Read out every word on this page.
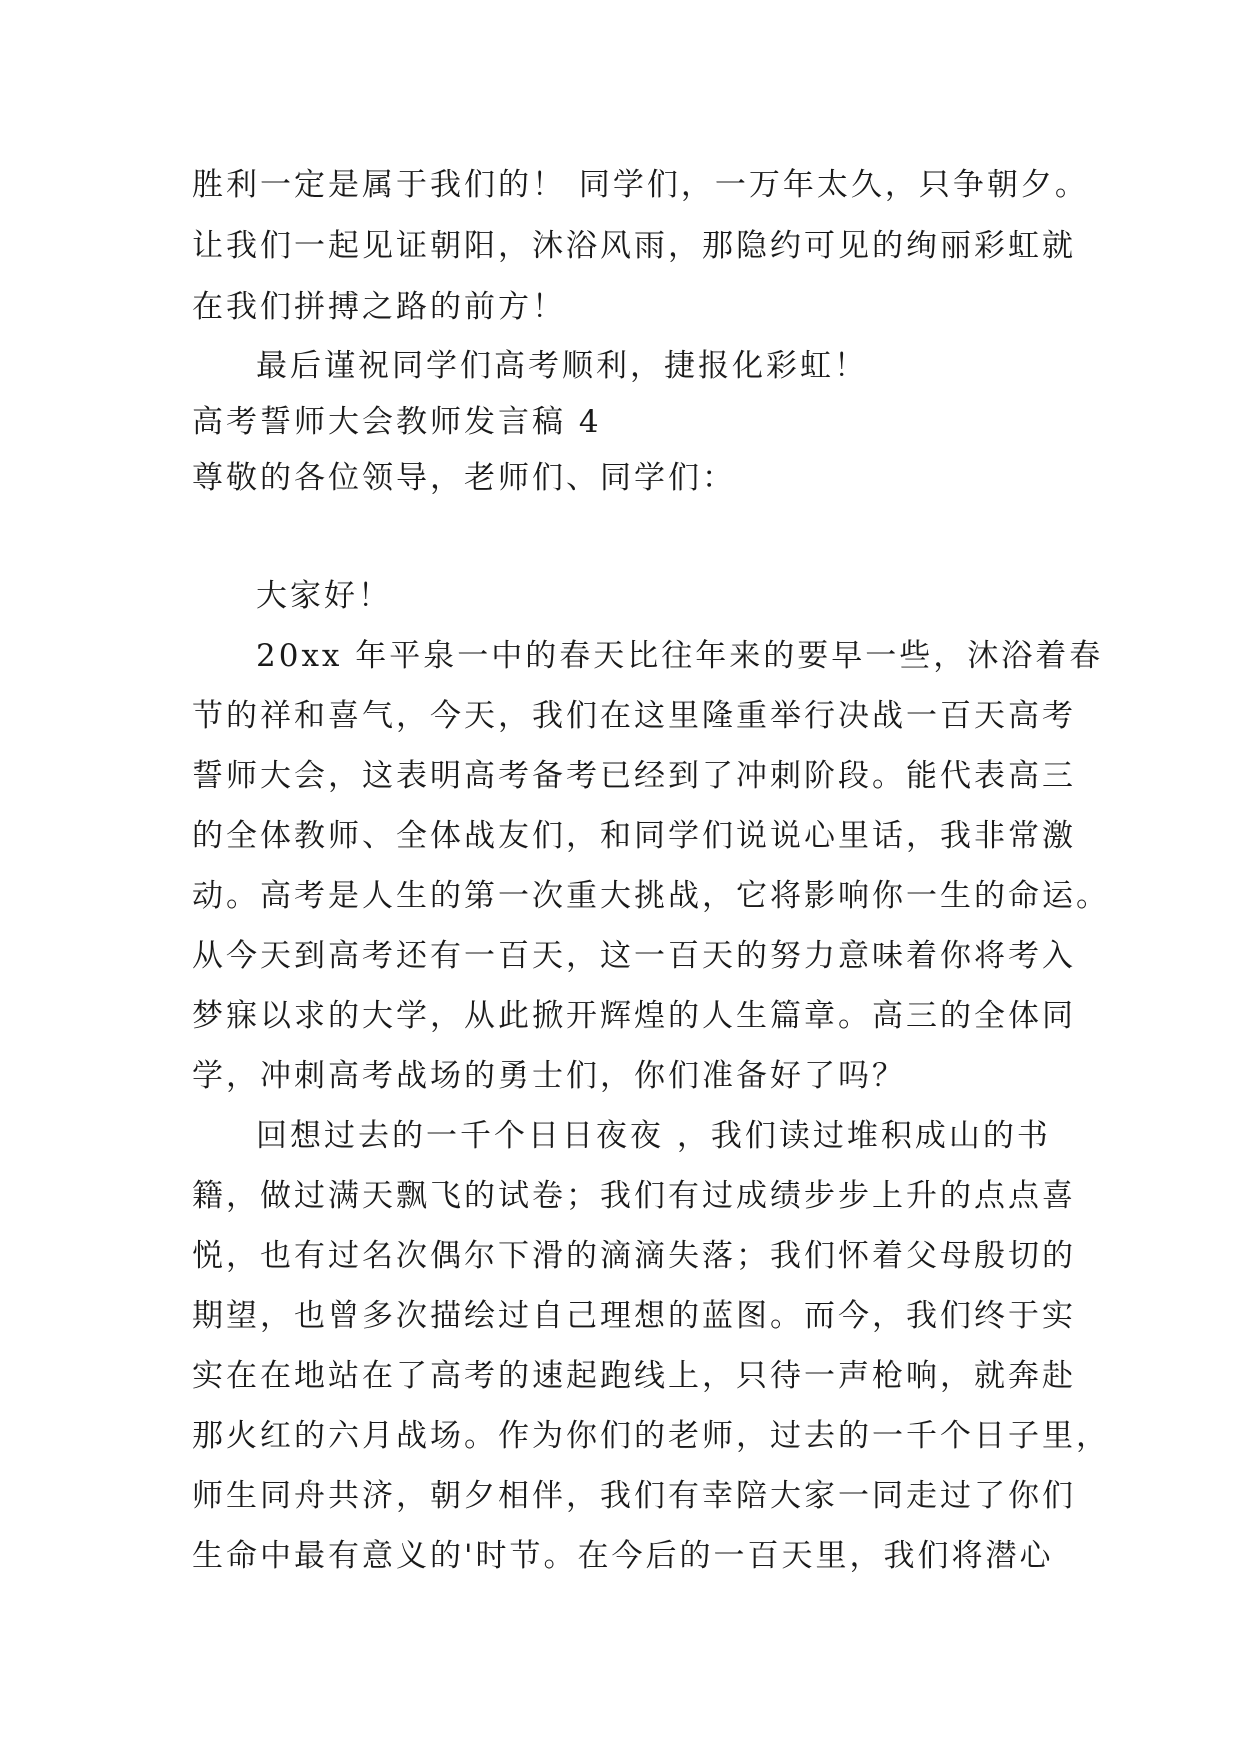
胜利一定是属于我们的！ 同学们，一万年太久，只争朝夕。
让我们一起见证朝阳，沐浴风雨，那隐约可见的绚丽彩虹就
在我们拼搏之路的前方！
最后谨祝同学们高考顺利，捷报化彩虹！
高考誓师大会教师发言稿 4
尊敬的各位领导，老师们、同学们：
大家好！
20xx 年平泉一中的春天比往年来的要早一些，沐浴着春
节的祥和喜气，今天，我们在这里隆重举行决战一百天高考
誓师大会，这表明高考备考已经到了冲刺阶段。能代表高三
的全体教师、全体战友们，和同学们说说心里话，我非常激
动。高考是人生的第一次重大挑战，它将影响你一生的命运。
从今天到高考还有一百天，这一百天的努力意味着你将考入
梦寐以求的大学，从此掀开辉煌的人生篇章。高三的全体同
学，冲刺高考战场的勇士们，你们准备好了吗？
回想过去的一千个日日夜夜 ，我们读过堆积成山的书
籍，做过满天飘飞的试卷；我们有过成绩步步上升的点点喜
悦，也有过名次偶尔下滑的滴滴失落；我们怀着父母殷切的
期望，也曾多次描绘过自己理想的蓝图。而今，我们终于实
实在在地站在了高考的速起跑线上，只待一声枪响，就奔赴
那火红的六月战场。作为你们的老师，过去的一千个日子里，
师生同舟共济，朝夕相伴，我们有幸陪大家一同走过了你们
生命中最有意义的'时节。在今后的一百天里，我们将潜心
